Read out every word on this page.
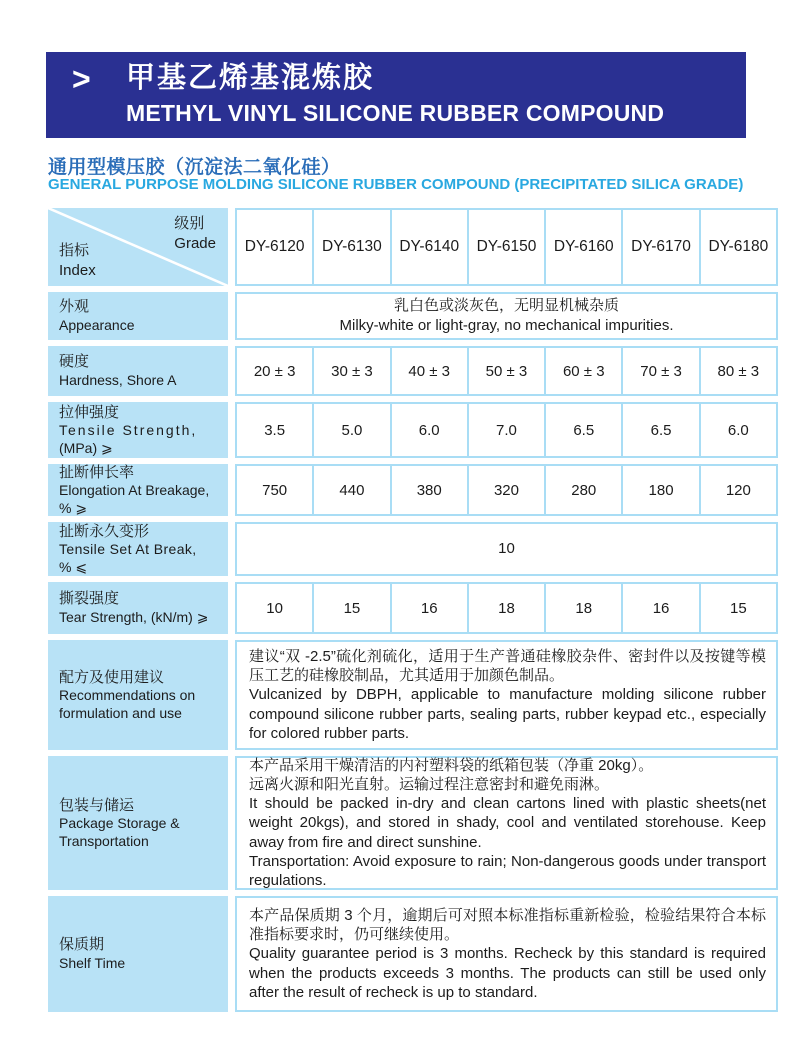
> 甲基乙烯基混炼胶
METHYL VINYL SILICONE RUBBER COMPOUND
通用型模压胶（沉淀法二氧化硅）
GENERAL PURPOSE MOLDING SILICONE RUBBER COMPOUND (PRECIPITATED SILICA GRADE)
级别
Grade
指标
Index
DY-6120	DY-6130	DY-6140	DY-6150	DY-6160	DY-6170	DY-6180
外观
Appearance
乳白色或淡灰色，无明显机械杂质
Milky-white or light-gray, no mechanical impurities.
硬度
Hardness, Shore A
20 ± 3	30 ± 3	40 ± 3	50 ± 3	60 ± 3	70 ± 3	80 ± 3
拉伸强度
Tensile Strength,
(MPa) ⩾
3.5	5.0	6.0	7.0	6.5	6.5	6.0
扯断伸长率
Elongation At Breakage,
% ⩾
750	440	380	320	280	180	120
扯断永久变形
Tensile Set At Break,
% ⩽
10
撕裂强度
Tear Strength, (kN/m) ⩾
10	15	16	18	18	16	15
配方及使用建议
Recommendations on formulation and use

建议“双 -2.5”硫化剂硫化，适用于生产普通硅橡胶杂件、密封件以及按键等模压工艺的硅橡胶制品，尤其适用于加颜色制品。

Vulcanized by DBPH, applicable to manufacture molding silicone rubber compound silicone rubber parts, sealing parts, rubber keypad etc., especially for colored rubber parts.

包装与储运
Package Storage & Transportation

本产品采用干燥清洁的内衬塑料袋的纸箱包装（净重 20kg）。

远离火源和阳光直射。运输过程注意密封和避免雨淋。

It should be packed in-dry and clean cartons lined with plastic sheets(net weight 20kgs), and stored in shady, cool and ventilated storehouse. Keep away from fire and direct sunshine.

Transportation: Avoid exposure to rain; Non-dangerous goods under transport regulations.

保质期
Shelf Time

本产品保质期 3 个月，逾期后可对照本标准指标重新检验，检验结果符合本标准指标要求时，仍可继续使用。

Quality guarantee period is 3 months. Recheck by this standard is required when the products exceeds 3 months. The products can still be used only after the result of recheck is up to standard.
